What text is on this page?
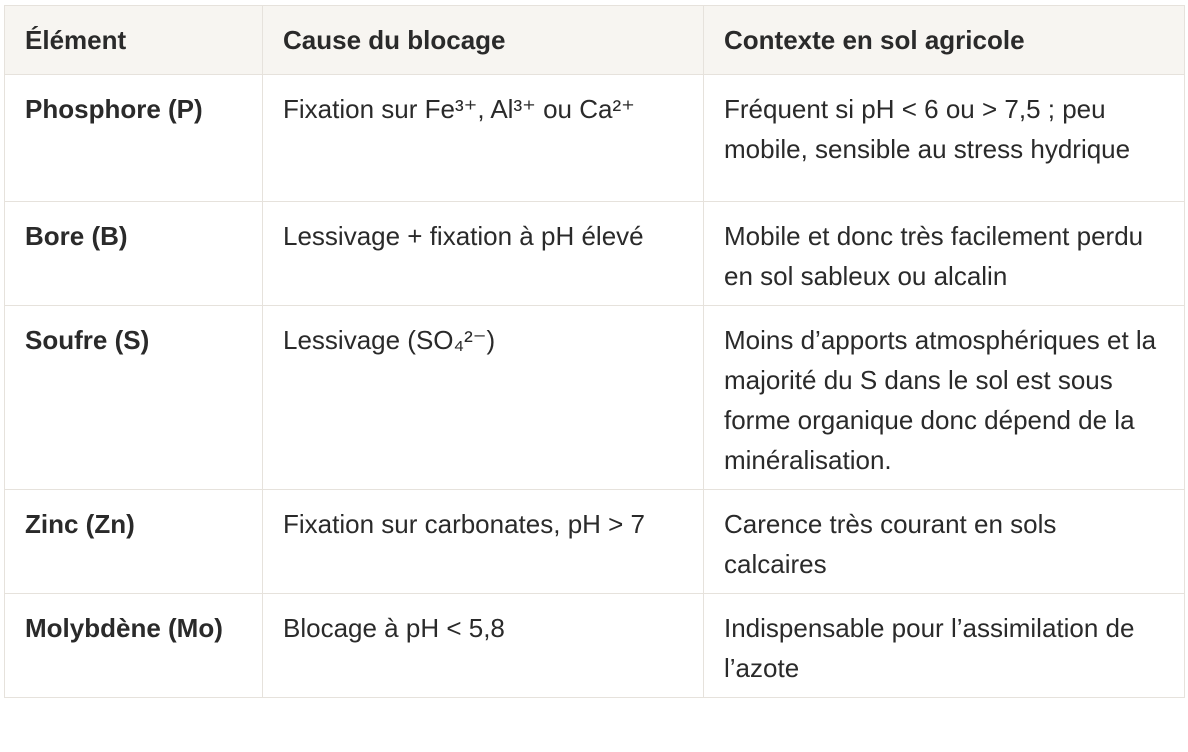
Élément	Cause du blocage	Contexte en sol agricole
Phosphore (P)	Fixation sur Fe³⁺, Al³⁺ ou Ca²⁺	Fréquent si pH < 6 ou > 7,5 ; peu mobile, sensible au stress hydrique
Bore (B)	Lessivage + fixation à pH élevé	Mobile et donc très facilement perdu en sol sableux ou alcalin
Soufre (S)	Lessivage (SO₄²⁻)	Moins d’apports atmosphériques et la majorité du S dans le sol est sous forme organique donc dépend de la minéralisation.
Zinc (Zn)	Fixation sur carbonates, pH > 7	Carence très courant en sols calcaires
Molybdène (Mo)	Blocage à pH < 5,8	Indispensable pour l’assimilation de l’azote
